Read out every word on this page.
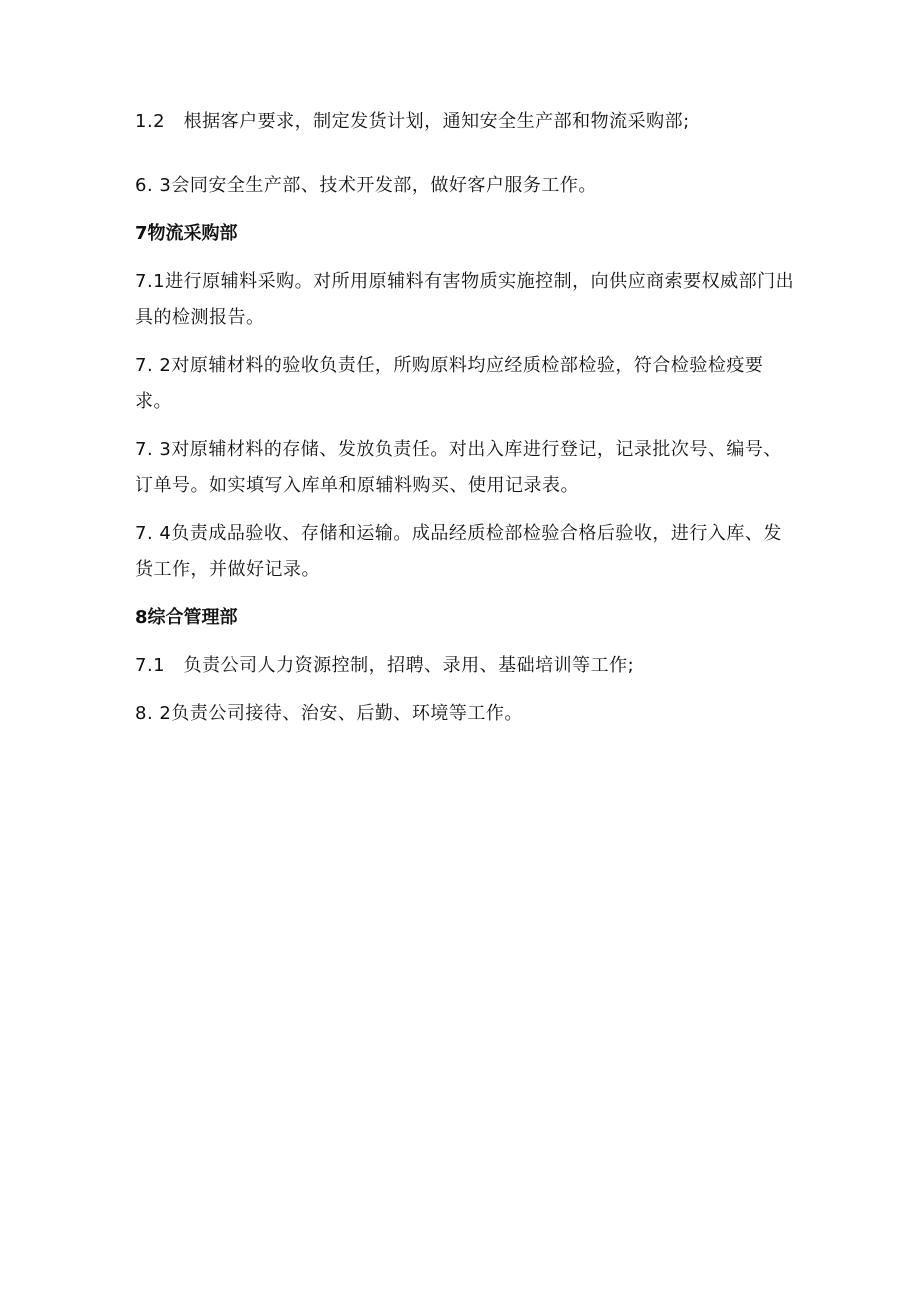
1.2　根据客户要求，制定发货计划，通知安全生产部和物流采购部;

6. 3会同安全生产部、技术开发部，做好客户服务工作。

7物流采购部

7.1进行原辅料采购。对所用原辅料有害物质实施控制，向供应商索要权威部门出具的检测报告。

7. 2对原辅材料的验收负责任，所购原料均应经质检部检验，符合检验检疫要求。

7. 3对原辅材料的存储、发放负责任。对出入库进行登记，记录批次号、编号、订单号。如实填写入库单和原辅料购买、使用记录表。

7. 4负责成品验收、存储和运输。成品经质检部检验合格后验收，进行入库、发货工作，并做好记录。

8综合管理部

7.1　负责公司人力资源控制，招聘、录用、基础培训等工作;

8. 2负责公司接待、治安、后勤、环境等工作。
